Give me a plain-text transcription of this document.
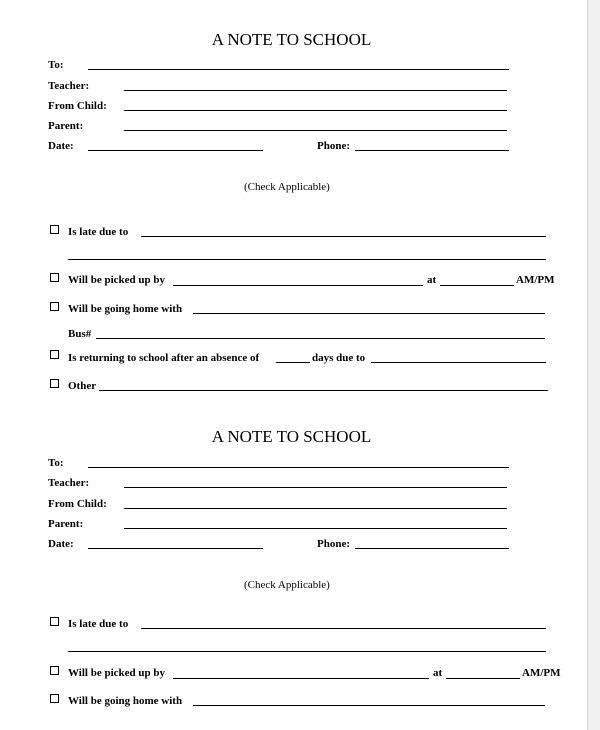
A NOTE TO SCHOOL
To:
Teacher:
From Child:
Parent:
Date:	Phone:
(Check Applicable)
Is late due to
Will be picked up by	at	AM/PM
Will be going home with
Bus#
Is returning to school after an absence of	days due to
Other
A NOTE TO SCHOOL
To:
Teacher:
From Child:
Parent:
Date:	Phone:
(Check Applicable)
Is late due to
Will be picked up by	at	AM/PM
Will be going home with
